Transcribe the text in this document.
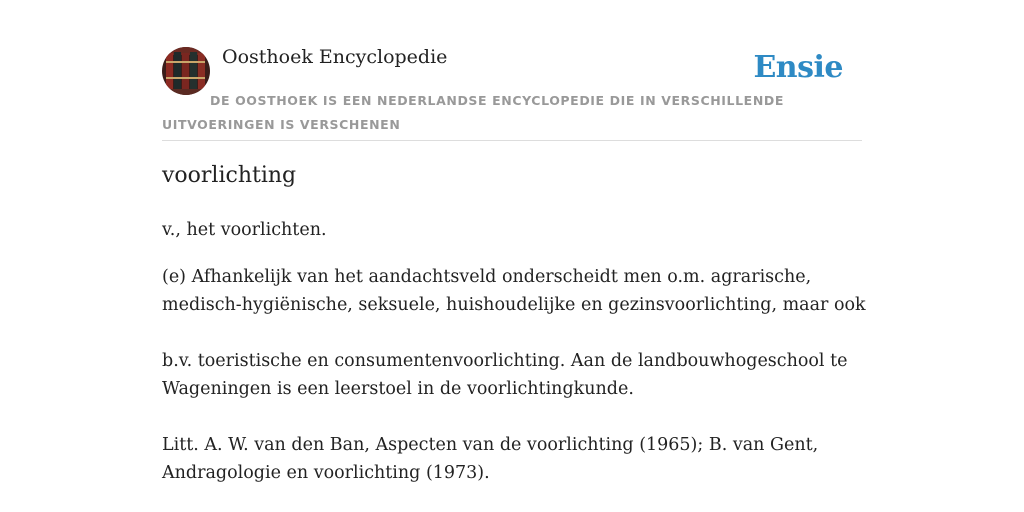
Oosthoek Encyclopedie	Ensie
DE OOSTHOEK IS EEN NEDERLANDSE ENCYCLOPEDIE DIE IN VERSCHILLENDE UITVOERINGEN IS VERSCHENEN
voorlichting

v., het voorlichten.

(e) Afhankelijk van het aandachtsveld onderscheidt men o.m. agrarische,
medisch-hygiënische, seksuele, huishoudelijke en gezinsvoorlichting, maar ook

b.v. toeristische en consumentenvoorlichting. Aan de landbouwhogeschool te
Wageningen is een leerstoel in de voorlichtingkunde.

Litt. A. W. van den Ban, Aspecten van de voorlichting (1965); B. van Gent,
Andragologie en voorlichting (1973).
